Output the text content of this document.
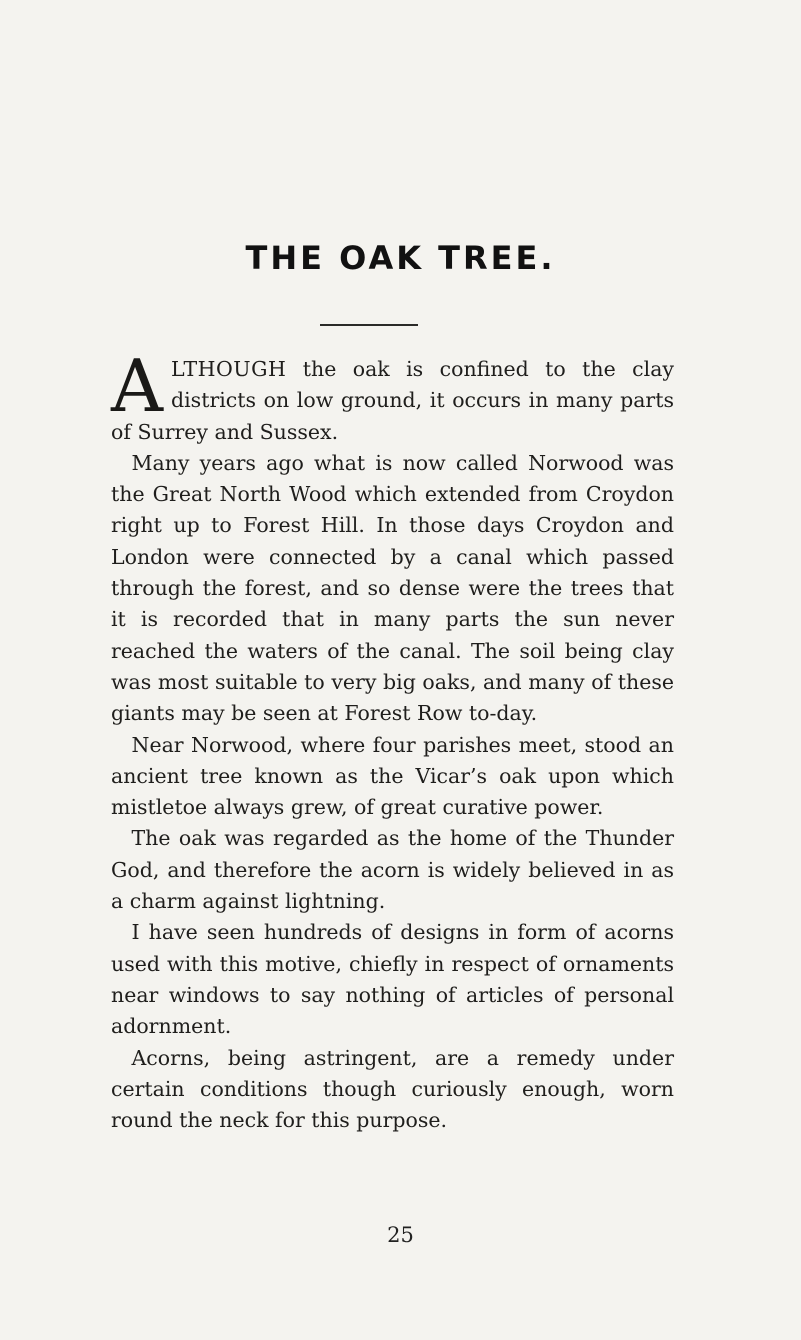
THE OAK TREE.

ALTHOUGH the oak is confined to the clay districts on low ground, it occurs in many parts of Surrey and Sussex.

Many years ago what is now called Norwood was the Great North Wood which extended from Croydon right up to Forest Hill. In those days Croydon and London were connected by a canal which passed through the forest, and so dense were the trees that it is recorded that in many parts the sun never reached the waters of the canal. The soil being clay was most suitable to very big oaks, and many of these giants may be seen at Forest Row to-day.

Near Norwood, where four parishes meet, stood an ancient tree known as the Vicar’s oak upon which mistletoe always grew, of great curative power.

The oak was regarded as the home of the Thunder God, and therefore the acorn is widely believed in as a charm against lightning.

I have seen hundreds of designs in form of acorns used with this motive, chiefly in respect of ornaments near windows to say nothing of articles of personal adornment.

Acorns, being astringent, are a remedy under certain conditions though curiously enough, worn round the neck for this purpose.

25
